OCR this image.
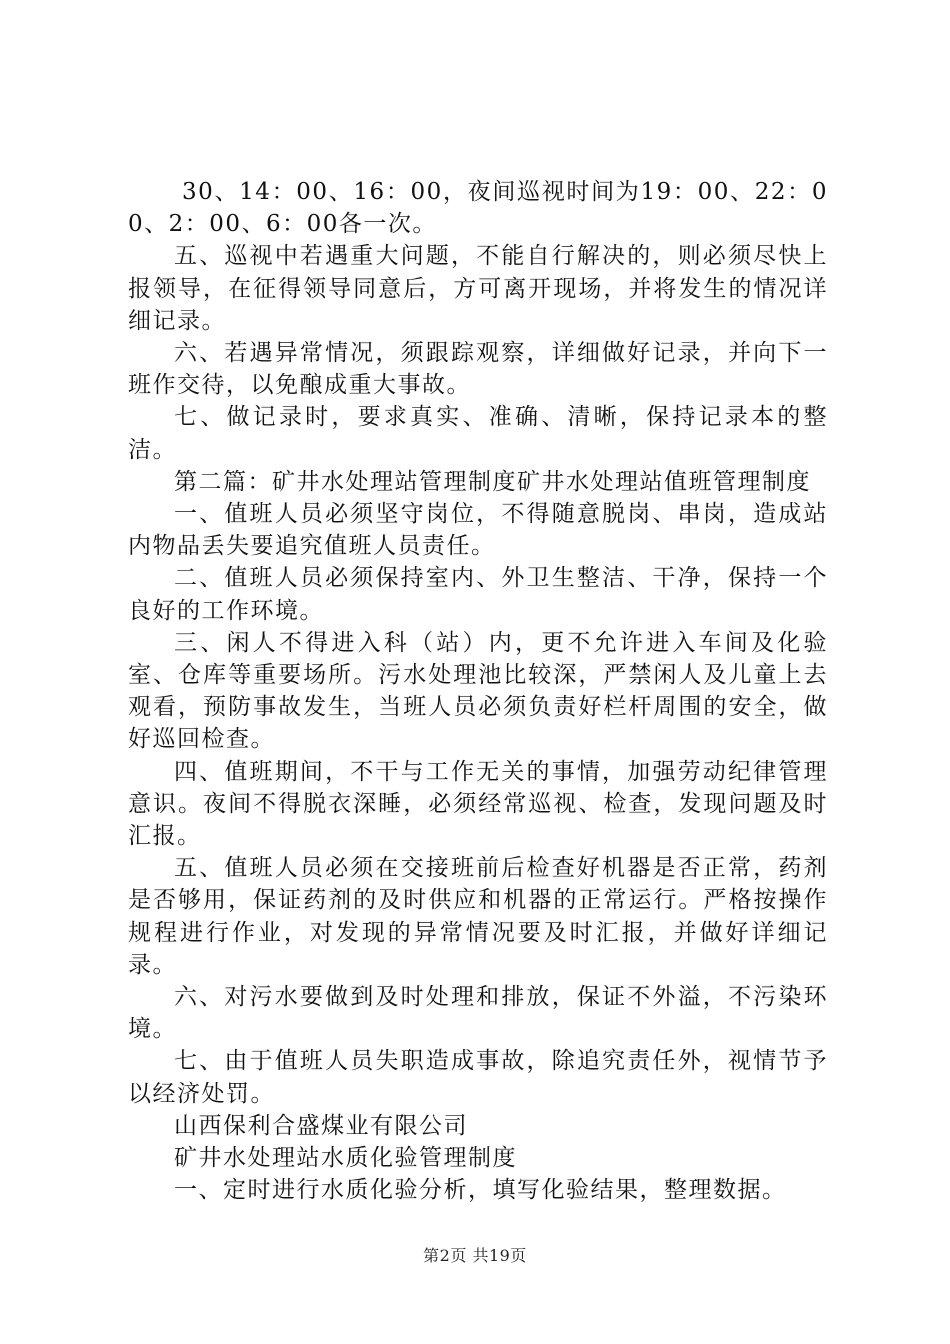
30、14：00、16：00，夜间巡视时间为19：00、22：00、2：00、6：00各一次。

五、巡视中若遇重大问题，不能自行解决的，则必须尽快上报领导，在征得领导同意后，方可离开现场，并将发生的情况详细记录。

六、若遇异常情况，须跟踪观察，详细做好记录，并向下一班作交待，以免酿成重大事故。

七、做记录时，要求真实、准确、清晰，保持记录本的整洁。

第二篇：矿井水处理站管理制度矿井水处理站值班管理制度

一、值班人员必须坚守岗位，不得随意脱岗、串岗，造成站内物品丢失要追究值班人员责任。

二、值班人员必须保持室内、外卫生整洁、干净，保持一个良好的工作环境。

三、闲人不得进入科（站）内，更不允许进入车间及化验室、仓库等重要场所。污水处理池比较深，严禁闲人及儿童上去观看，预防事故发生，当班人员必须负责好栏杆周围的安全，做好巡回检查。

四、值班期间，不干与工作无关的事情，加强劳动纪律管理意识。夜间不得脱衣深睡，必须经常巡视、检查，发现问题及时汇报。

五、值班人员必须在交接班前后检查好机器是否正常，药剂是否够用，保证药剂的及时供应和机器的正常运行。严格按操作规程进行作业，对发现的异常情况要及时汇报，并做好详细记录。

六、对污水要做到及时处理和排放，保证不外溢，不污染环境。

七、由于值班人员失职造成事故，除追究责任外，视情节予以经济处罚。

山西保利合盛煤业有限公司

矿井水处理站水质化验管理制度

一、定时进行水质化验分析，填写化验结果，整理数据。

第2页 共19页
